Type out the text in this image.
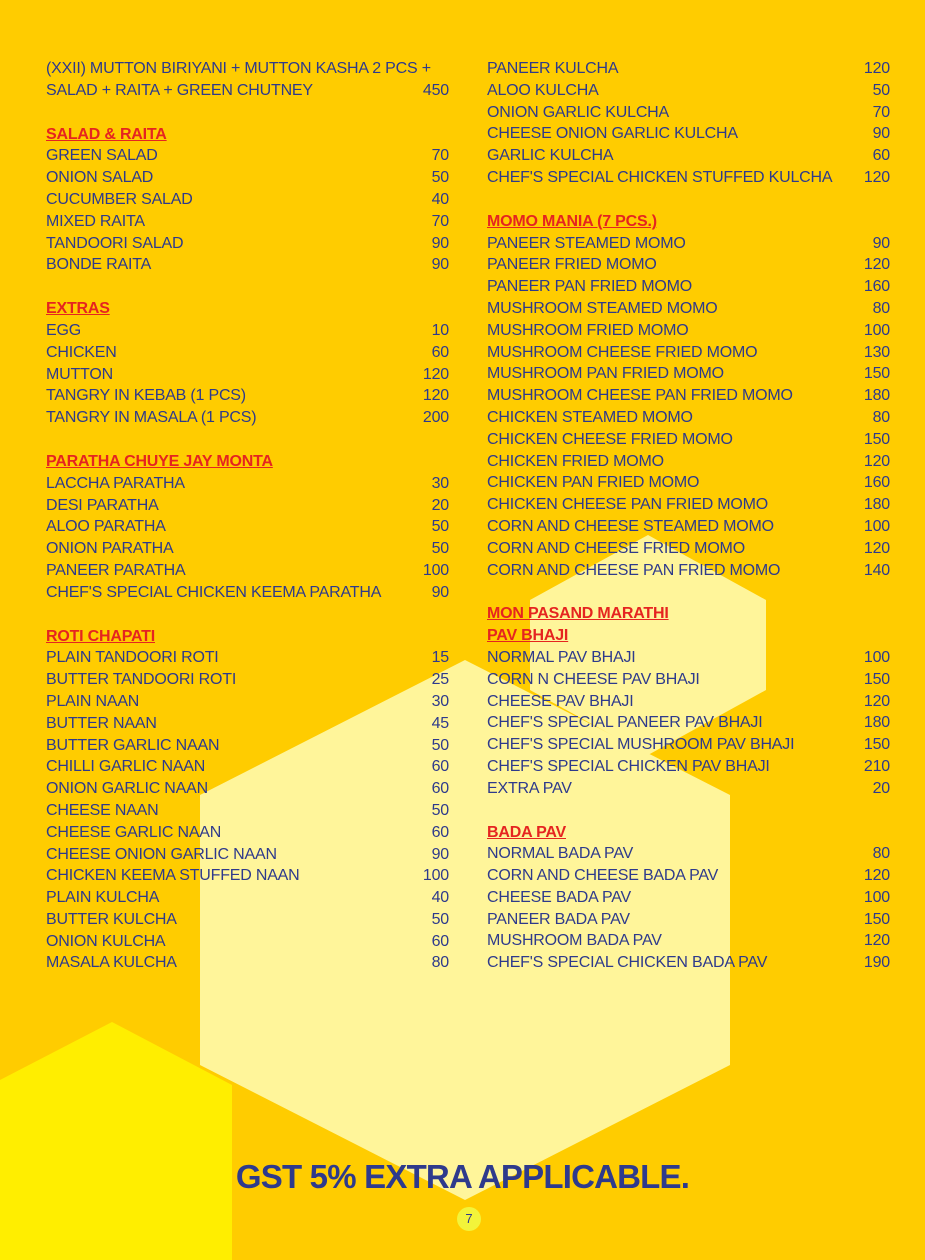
(XXII) MUTTON BIRIYANI + MUTTON KASHA 2 PCS +
SALAD + RAITA + GREEN CHUTNEY	450
SALAD & RAITA
GREEN SALAD	70
ONION SALAD	50
CUCUMBER SALAD	40
MIXED RAITA	70
TANDOORI SALAD	90
BONDE RAITA	90
EXTRAS
EGG	10
CHICKEN	60
MUTTON	120
TANGRY IN KEBAB (1 PCS)	120
TANGRY IN MASALA (1 PCS)	200
PARATHA CHUYE JAY MONTA
LACCHA PARATHA	30
DESI PARATHA	20
ALOO PARATHA	50
ONION PARATHA	50
PANEER PARATHA	100
CHEF'S SPECIAL CHICKEN KEEMA PARATHA	90
ROTI CHAPATI
PLAIN TANDOORI ROTI	15
BUTTER TANDOORI ROTI	25
PLAIN NAAN	30
BUTTER NAAN	45
BUTTER GARLIC NAAN	50
CHILLI GARLIC NAAN	60
ONION GARLIC NAAN	60
CHEESE NAAN	50
CHEESE GARLIC NAAN	60
CHEESE ONION GARLIC NAAN	90
CHICKEN KEEMA STUFFED NAAN	100
PLAIN KULCHA	40
BUTTER KULCHA	50
ONION KULCHA	60
MASALA KULCHA	80
PANEER KULCHA	120
ALOO KULCHA	50
ONION GARLIC KULCHA	70
CHEESE ONION GARLIC KULCHA	90
GARLIC KULCHA	60
CHEF'S SPECIAL CHICKEN STUFFED KULCHA 120
MOMO MANIA (7 PCS.)
PANEER STEAMED MOMO	90
PANEER FRIED MOMO	120
PANEER PAN FRIED MOMO	160
MUSHROOM STEAMED MOMO	80
MUSHROOM FRIED MOMO	100
MUSHROOM CHEESE FRIED MOMO	130
MUSHROOM PAN FRIED MOMO	150
MUSHROOM CHEESE PAN FRIED MOMO	180
CHICKEN STEAMED MOMO	80
CHICKEN CHEESE FRIED MOMO	150
CHICKEN FRIED MOMO	120
CHICKEN PAN FRIED MOMO	160
CHICKEN CHEESE PAN FRIED MOMO	180
CORN AND CHEESE STEAMED MOMO	100
CORN AND CHEESE FRIED MOMO	120
CORN AND CHEESE PAN FRIED MOMO	140
MON PASAND MARATHI
PAV BHAJI
NORMAL PAV BHAJI	100
CORN N CHEESE PAV BHAJI	150
CHEESE PAV BHAJI	120
CHEF'S SPECIAL PANEER PAV BHAJI	180
CHEF'S SPECIAL MUSHROOM PAV BHAJI	150
CHEF'S SPECIAL CHICKEN PAV BHAJI	210
EXTRA PAV	20
BADA PAV
NORMAL BADA PAV	80
CORN AND CHEESE BADA PAV	120
CHEESE BADA PAV	100
PANEER BADA PAV	150
MUSHROOM BADA PAV	120
CHEF'S SPECIAL CHICKEN BADA PAV	190
GST 5% EXTRA APPLICABLE.
7
